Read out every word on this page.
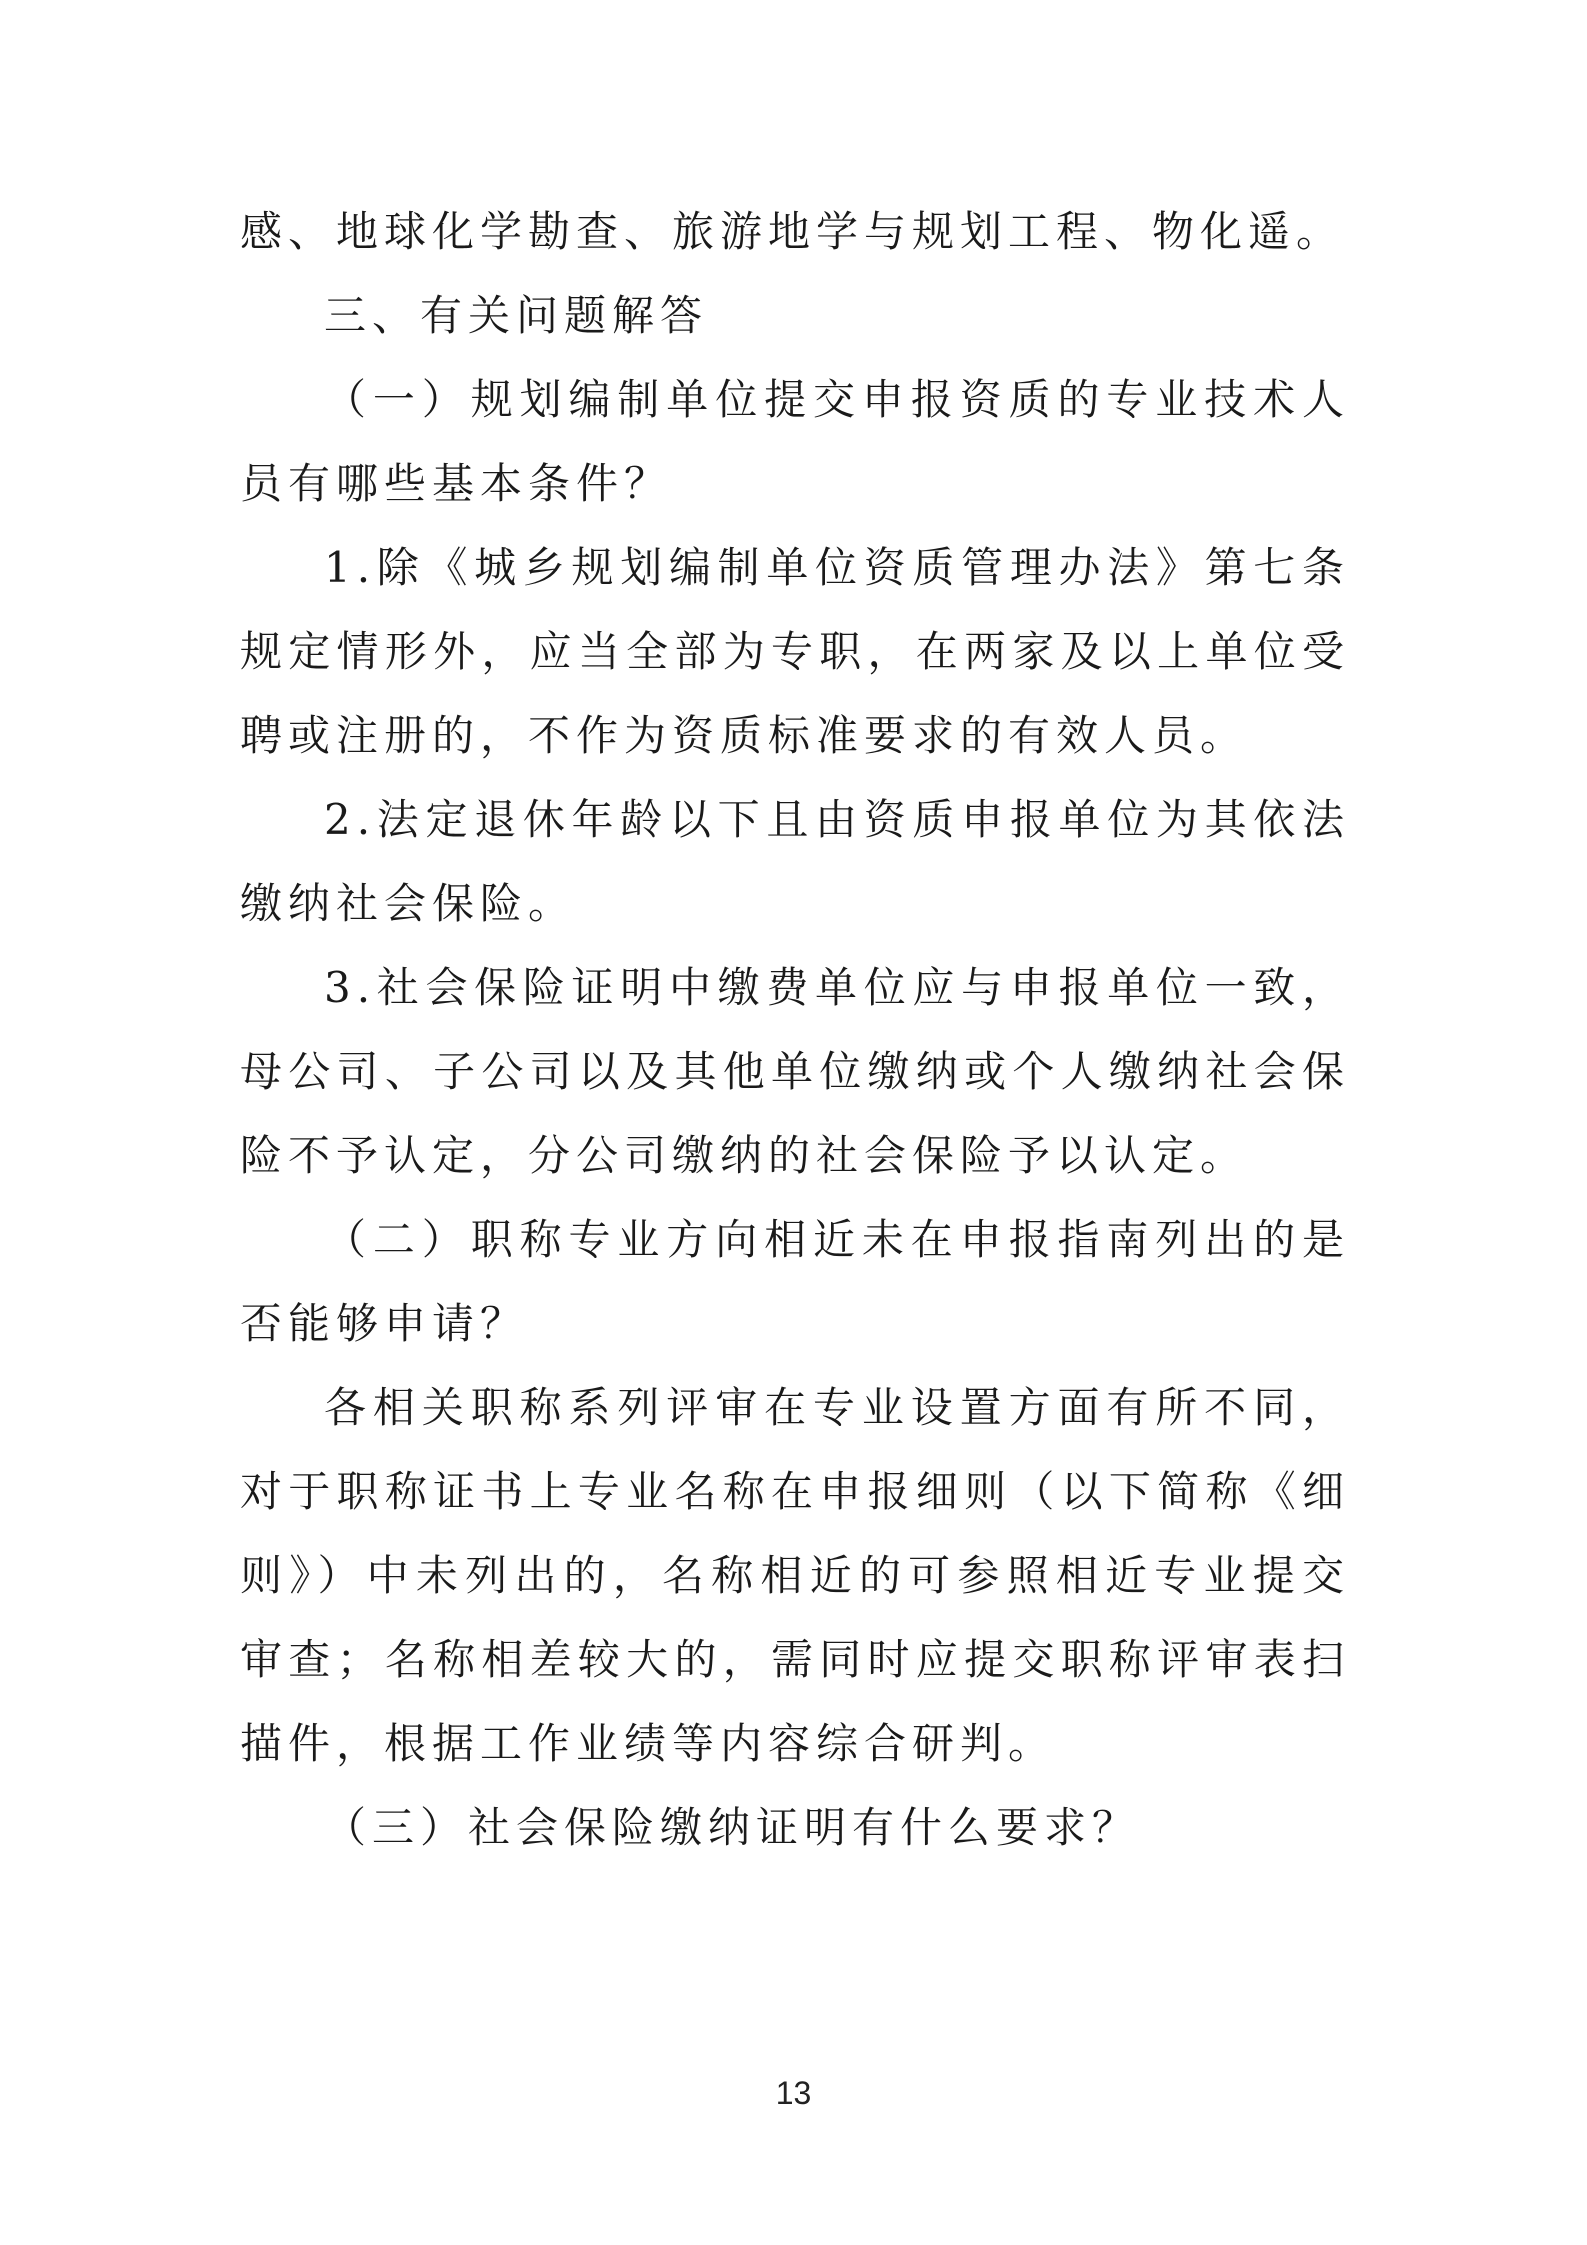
感、地球化学勘查、旅游地学与规划工程、物化遥。

三、有关问题解答

（一）规划编制单位提交申报资质的专业技术人员有哪些基本条件？

1.除《城乡规划编制单位资质管理办法》第七条规定情形外，应当全部为专职，在两家及以上单位受聘或注册的，不作为资质标准要求的有效人员。

2.法定退休年龄以下且由资质申报单位为其依法缴纳社会保险。

3.社会保险证明中缴费单位应与申报单位一致，母公司、子公司以及其他单位缴纳或个人缴纳社会保险不予认定，分公司缴纳的社会保险予以认定。

（二）职称专业方向相近未在申报指南列出的是否能够申请？

各相关职称系列评审在专业设置方面有所不同，对于职称证书上专业名称在申报细则（以下简称《细则》）中未列出的，名称相近的可参照相近专业提交审查；名称相差较大的，需同时应提交职称评审表扫描件，根据工作业绩等内容综合研判。

（三）社会保险缴纳证明有什么要求？

13
